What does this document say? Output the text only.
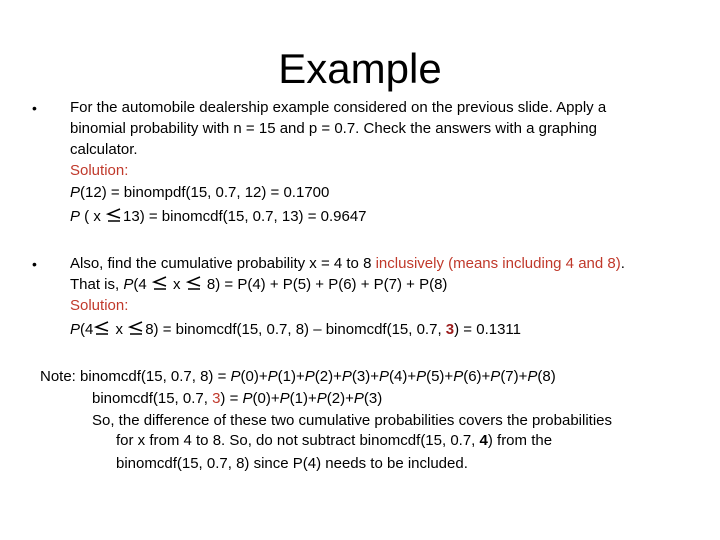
Example
• For the automobile dealership example considered on the previous slide. Apply a
binomial probability with n = 15 and p = 0.7. Check the answers with a graphing
calculator.
Solution:
P(12) = binompdf(15, 0.7, 12) = 0.1700
P ( x
13) = binomcdf(15, 0.7, 13) = 0.9647
• Also, find the cumulative probability x = 4 to 8 inclusively (means including 4 and 8).
That is, P(4
x
8) = P(4) + P(5) + P(6) + P(7) + P(8)
Solution:
P(4
x
8) = binomcdf(15, 0.7, 8) – binomcdf(15, 0.7, 3) = 0.1311
Note: binomcdf(15, 0.7, 8) = P(0)+P(1)+P(2)+P(3)+P(4)+P(5)+P(6)+P(7)+P(8)
binomcdf(15, 0.7, 3) = P(0)+P(1)+P(2)+P(3)
So, the difference of these two cumulative probabilities covers the probabilities
for x from 4 to 8. So, do not subtract binomcdf(15, 0.7, 4) from the
binomcdf(15, 0.7, 8) since P(4) needs to be included.
